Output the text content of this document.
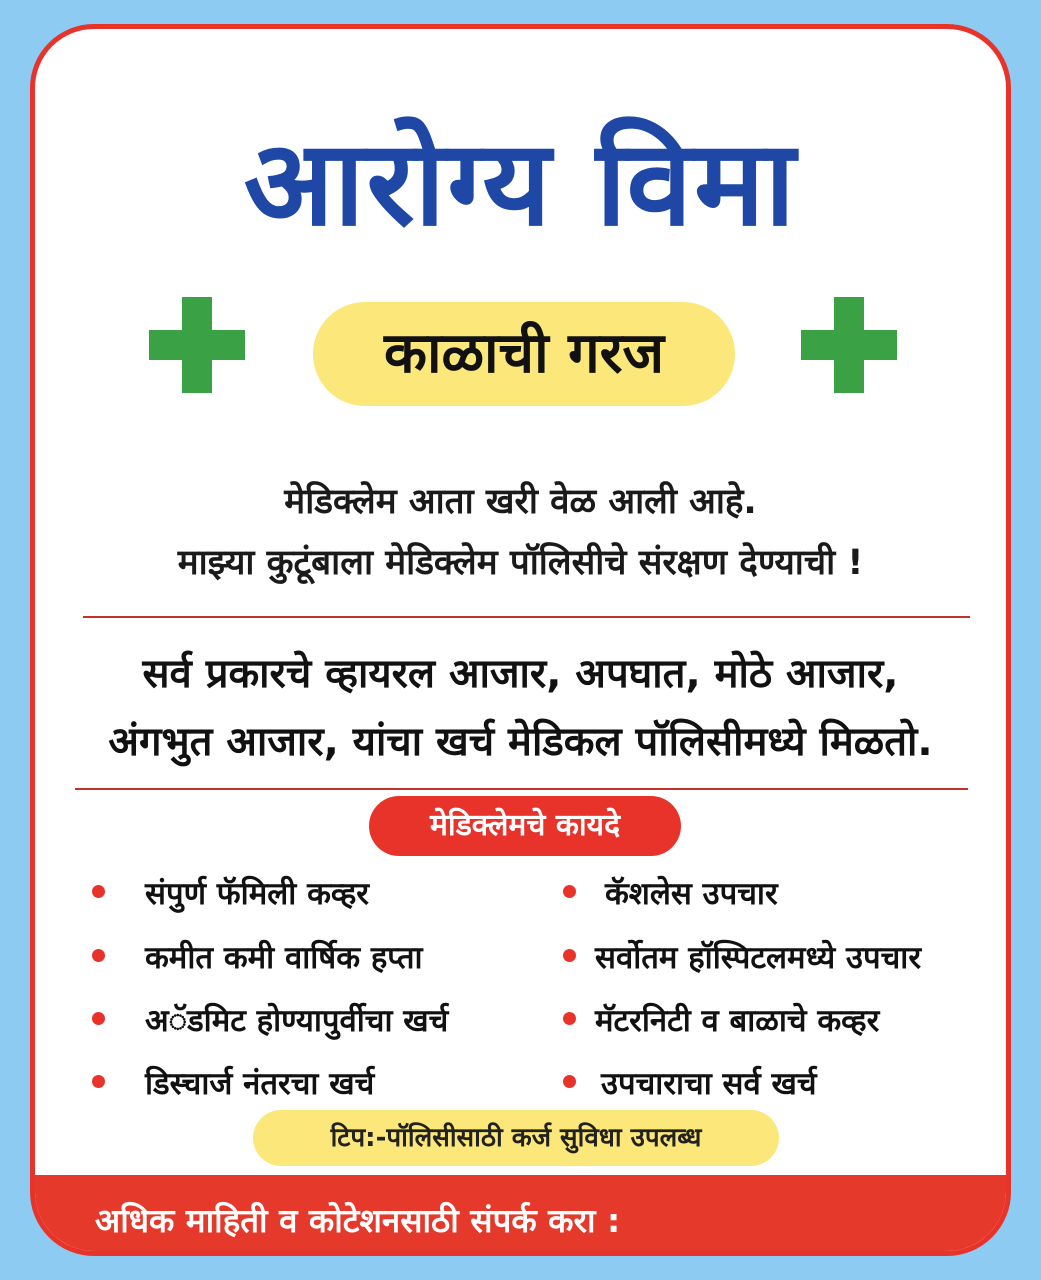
आरोग्य विमा
काळाची गरज
मेडिक्लेम आता खरी वेळ आली आहे.
माझ्या कुटूंबाला मेडिक्लेम पॉलिसीचे संरक्षण देण्याची !
सर्व प्रकारचे व्हायरल आजार, अपघात, मोठे आजार,
अंगभुत आजार, यांचा खर्च मेडिकल पॉलिसीमध्ये मिळतो.
मेडिक्लेमचे कायदे
संपुर्ण फॅमिली कव्हर
कमीत कमी वार्षिक हप्ता
अॅडमिट होण्यापुर्वीचा खर्च
डिस्चार्ज नंतरचा खर्च
कॅशलेस उपचार
सर्वोतम हॉस्पिटलमध्ये उपचार
मॅटरनिटी व बाळाचे कव्हर
उपचाराचा सर्व खर्च
टिप:-पॉलिसीसाठी कर्ज सुविधा उपलब्ध
अधिक माहिती व कोटेशनसाठी संपर्क करा :
